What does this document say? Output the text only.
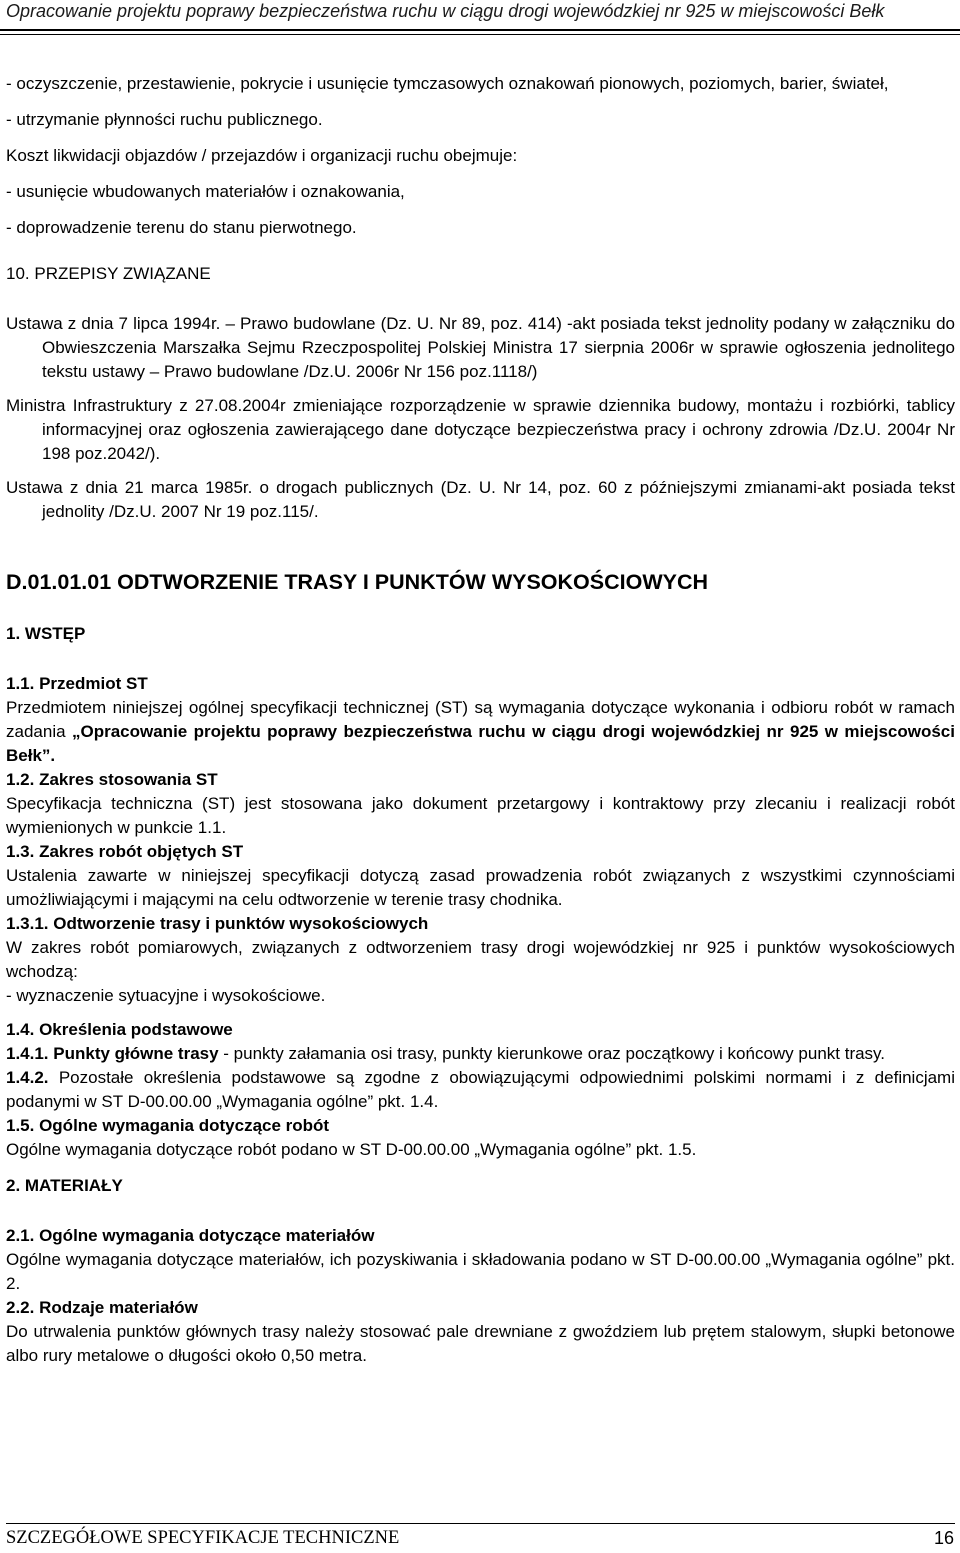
Opracowanie projektu poprawy bezpieczeństwa ruchu w ciągu drogi wojewódzkiej nr 925 w miejscowości Bełk

- oczyszczenie, przestawienie, pokrycie i usunięcie tymczasowych oznakowań pionowych, poziomych, barier, świateł,

- utrzymanie płynności ruchu publicznego.

Koszt likwidacji objazdów / przejazdów i organizacji ruchu obejmuje:

- usunięcie wbudowanych materiałów i oznakowania,

- doprowadzenie terenu do stanu pierwotnego.

10. PRZEPISY ZWIĄZANE

Ustawa z dnia 7 lipca 1994r. – Prawo budowlane (Dz. U. Nr 89, poz. 414) -akt posiada tekst jednolity podany w załączniku do Obwieszczenia Marszałka Sejmu Rzeczpospolitej Polskiej Ministra 17 sierpnia 2006r w sprawie ogłoszenia jednolitego tekstu ustawy – Prawo budowlane /Dz.U. 2006r Nr 156 poz.1118/)

Ministra Infrastruktury z 27.08.2004r zmieniające rozporządzenie w sprawie dziennika budowy, montażu i rozbiórki, tablicy informacyjnej oraz ogłoszenia zawierającego dane dotyczące bezpieczeństwa pracy i ochrony zdrowia /Dz.U. 2004r Nr 198 poz.2042/).

Ustawa z dnia 21 marca 1985r. o drogach publicznych (Dz. U. Nr 14, poz. 60 z późniejszymi zmianami-akt posiada tekst jednolity /Dz.U. 2007 Nr 19 poz.115/.

D.01.01.01 ODTWORZENIE TRASY I PUNKTÓW WYSOKOŚCIOWYCH

1. WSTĘP

1.1. Przedmiot ST

Przedmiotem niniejszej ogólnej specyfikacji technicznej (ST) są wymagania dotyczące wykonania i odbioru robót w ramach zadania „Opracowanie projektu poprawy bezpieczeństwa ruchu w ciągu drogi wojewódzkiej nr 925 w miejscowości Bełk”.

1.2. Zakres stosowania ST

Specyfikacja techniczna (ST) jest stosowana jako dokument przetargowy i kontraktowy przy zlecaniu i realizacji robót wymienionych w punkcie 1.1.

1.3. Zakres robót objętych ST

Ustalenia zawarte w niniejszej specyfikacji dotyczą zasad prowadzenia robót związanych z wszystkimi czynnościami umożliwiającymi i mającymi na celu odtworzenie w terenie trasy chodnika.

1.3.1. Odtworzenie trasy i punktów wysokościowych

W zakres robót pomiarowych, związanych z odtworzeniem trasy drogi wojewódzkiej nr 925 i punktów wysokościowych wchodzą:

- wyznaczenie sytuacyjne i wysokościowe.

1.4. Określenia podstawowe

1.4.1. Punkty główne trasy - punkty załamania osi trasy, punkty kierunkowe oraz początkowy i końcowy punkt trasy.

1.4.2. Pozostałe określenia podstawowe są zgodne z obowiązującymi odpowiednimi polskimi normami i z definicjami podanymi w ST D-00.00.00 „Wymagania ogólne” pkt. 1.4.

1.5. Ogólne wymagania dotyczące robót

Ogólne wymagania dotyczące robót podano w ST D-00.00.00 „Wymagania ogólne” pkt. 1.5.

2. MATERIAŁY

2.1. Ogólne wymagania dotyczące materiałów

Ogólne wymagania dotyczące materiałów, ich pozyskiwania i składowania podano w ST D-00.00.00 „Wymagania ogólne” pkt. 2.

2.2. Rodzaje materiałów

Do utrwalenia punktów głównych trasy należy stosować pale drewniane z gwoździem lub prętem stalowym, słupki betonowe albo rury metalowe o długości około 0,50 metra.

SZCZEGÓŁOWE SPECYFIKACJE TECHNICZNE	16
